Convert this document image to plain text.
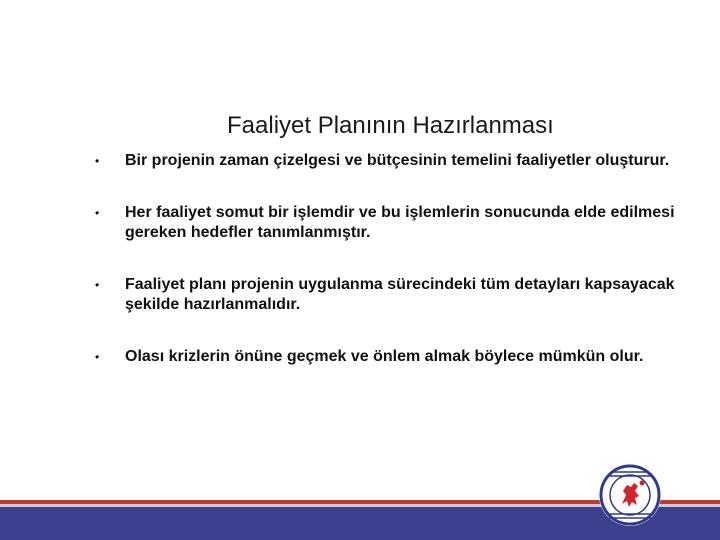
Faaliyet Planının Hazırlanması
• Bir projenin zaman çizelgesi ve bütçesinin temelini faaliyetler oluşturur.
• Her faaliyet somut bir işlemdir ve bu işlemlerin sonucunda elde edilmesi gereken hedefler tanımlanmıştır.
• Faaliyet planı projenin uygulanma sürecindeki tüm detayları kapsayacak şekilde hazırlanmalıdır.
• Olası krizlerin önüne geçmek ve önlem almak böylece mümkün olur.
